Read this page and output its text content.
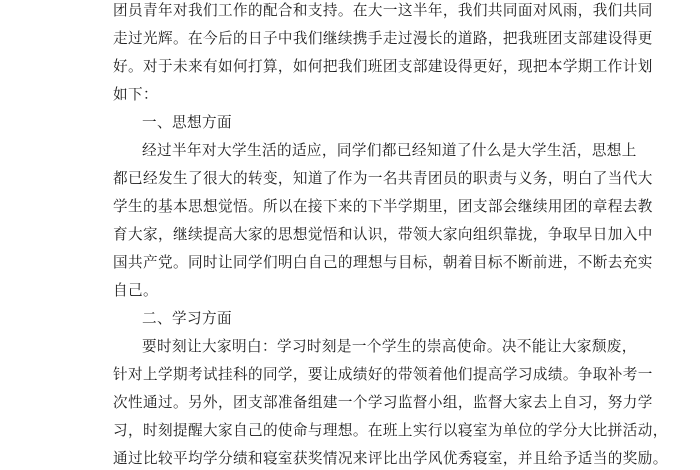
团员青年对我们工作的配合和支持。在大一这半年，我们共同面对风雨，我们共同
走过光辉。在今后的日子中我们继续携手走过漫长的道路，把我班团支部建设得更
好。对于未来有如何打算，如何把我们班团支部建设得更好，现把本学期工作计划
如下：
一、思想方面
经过半年对大学生活的适应，同学们都已经知道了什么是大学生活，思想上
都已经发生了很大的转变，知道了作为一名共青团员的职责与义务，明白了当代大
学生的基本思想觉悟。所以在接下来的下半学期里，团支部会继续用团的章程去教
育大家，继续提高大家的思想觉悟和认识，带领大家向组织靠拢，争取早日加入中
国共产党。同时让同学们明白自己的理想与目标，朝着目标不断前进，不断去充实
自己。
二、学习方面
要时刻让大家明白：学习时刻是一个学生的崇高使命。决不能让大家颓废，
针对上学期考试挂科的同学，要让成绩好的带领着他们提高学习成绩。争取补考一
次性通过。另外，团支部准备组建一个学习监督小组，监督大家去上自习，努力学
习，时刻提醒大家自己的使命与理想。在班上实行以寝室为单位的学分大比拼活动，
通过比较平均学分绩和寝室获奖情况来评比出学风优秀寝室，并且给予适当的奖励。
